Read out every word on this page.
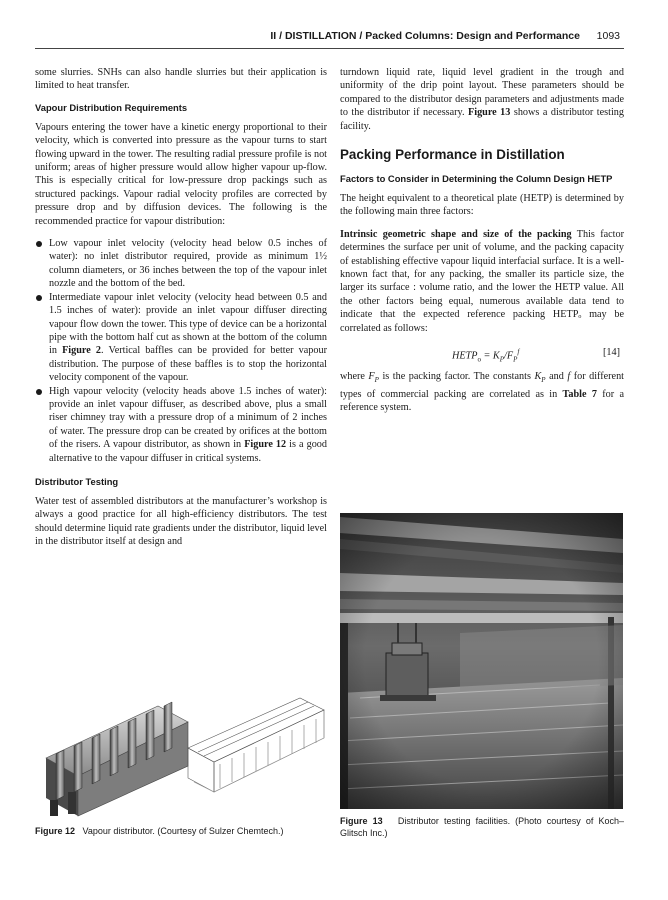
II / DISTILLATION / Packed Columns: Design and Performance 1093

some slurries. SNHs can also handle slurries but their application is limited to heat transfer.

Vapour Distribution Requirements

Vapours entering the tower have a kinetic energy proportional to their velocity, which is converted into pressure as the vapour turns to start flowing upward in the tower. The resulting radial pressure profile is not uniform; areas of higher pressure would allow higher vapour up-flow. This is especially critical for low-pressure drop packings such as structured packings. Vapour radial velocity profiles are corrected by pressure drop and by diffusion devices. The following is the recommended practice for vapour distribution:

Low vapour inlet velocity (velocity head below 0.5 inches of water): no inlet distributor required, provide as minimum 1½ column diameters, or 36 inches between the top of the vapour inlet nozzle and the bottom of the bed.
Intermediate vapour inlet velocity (velocity head between 0.5 and 1.5 inches of water): provide an inlet vapour diffuser directing vapour flow down the tower. This type of device can be a horizontal pipe with the bottom half cut as shown at the bottom of the column in Figure 2. Vertical baffles can be provided for better vapour distribution. The purpose of these baffles is to stop the horizontal velocity component of the vapour.
High vapour velocity (velocity heads above 1.5 inches of water): provide an inlet vapour diffuser, as described above, plus a small riser chimney tray with a pressure drop of a minimum of 2 inches of water. The pressure drop can be created by orifices at the bottom of the risers. A vapour distributor, as shown in Figure 12 is a good alternative to the vapour diffuser in critical systems.
Distributor Testing

Water test of assembled distributors at the manufacturer’s workshop is always a good practice for all high-efficiency distributors. The test should determine liquid rate gradients under the distributor, liquid level in the distributor itself at design and

turndown liquid rate, liquid level gradient in the trough and uniformity of the drip point layout. These parameters should be compared to the distributor design parameters and adjustments made to the distributor if necessary. Figure 13 shows a distributor testing facility.

Packing Performance in Distillation
Factors to Consider in Determining the Column Design HETP

The height equivalent to a theoretical plate (HETP) is determined by the following main three factors:

Intrinsic geometric shape and size of the packing This factor determines the surface per unit of volume, and the packing capacity of establishing effective vapour liquid interfacial surface. It is a well-known fact that, for any packing, the smaller its particle size, the larger its surface : volume ratio, and the lower the HETP value. All the other factors being equal, numerous available data tend to indicate that the expected reference packing HETPₒ may be correlated as follows:

$HETP_o = K_P/F_P^f$	[14]

where $F_P$ is the packing factor. The constants $K_P$ and f for different types of commercial packing are correlated as in Table 7 for a reference system.

Figure 12 Vapour distributor. (Courtesy of Sulzer Chemtech.)
Figure 13 Distributor testing facilities. (Photo courtesy of Koch–Glitsch Inc.)
